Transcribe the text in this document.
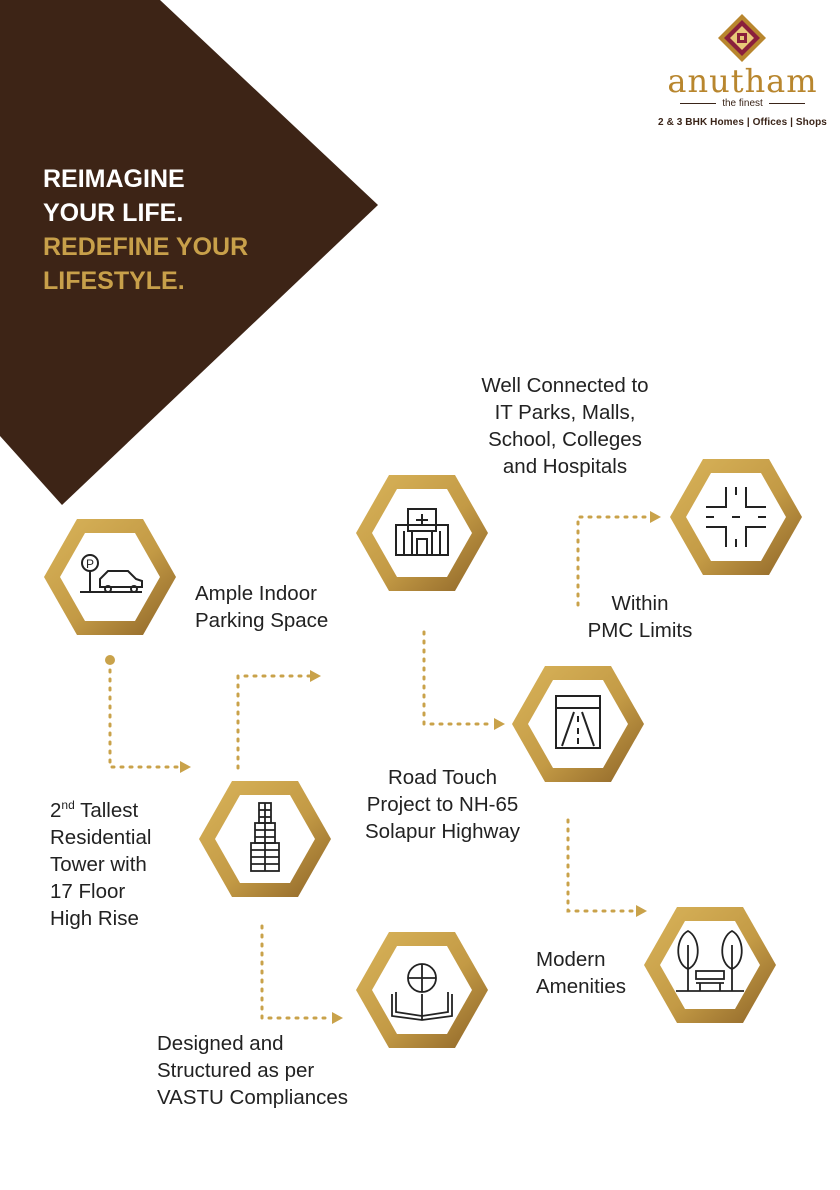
P
anutham
the finest
2 & 3 BHK Homes | Offices | Shops
REIMAGINE
YOUR LIFE.
REDEFINE YOUR
LIFESTYLE.
Ample Indoor
Parking Space
Well Connected to
IT Parks, Malls,
School, Colleges
and Hospitals
Within
PMC Limits
Road Touch
Project to NH-65
Solapur Highway
2nd Tallest
Residential
Tower with
17 Floor
High Rise
Modern
Amenities
Designed and
Structured as per
VASTU Compliances
